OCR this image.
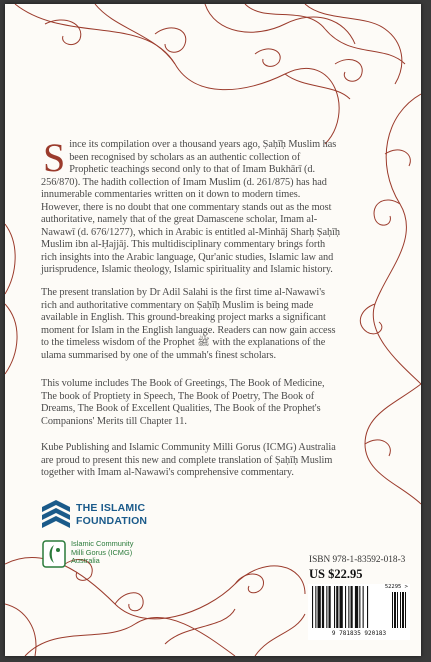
S ince its compilation over a thousand years ago, Ṣaḥīḥ Muslim has been recognised by scholars as an authentic collection of Prophetic teachings second only to that of Imam Bukhārī (d. 256/870). The hadith collection of Imam Muslim (d. 261/875) has had innumerable commentaries written on it down to modern times. However, there is no doubt that one commentary stands out as the most authoritative, namely that of the great Damascene scholar, Imam al-Nawawī (d. 676/1277), which in Arabic is entitled al-Minhāj Sharḥ Ṣaḥīḥ Muslim ibn al-Ḥajjāj. This multidisciplinary commentary brings forth rich insights into the Arabic language, Qur'anic studies, Islamic law and jurisprudence, Islamic theology, Islamic spirituality and Islamic history.

The present translation by Dr Adil Salahi is the first time al-Nawawi's rich and authoritative commentary on Ṣaḥīḥ Muslim is being made available in English. This ground-breaking project marks a significant moment for Islam in the English language. Readers can now gain access to the timeless wisdom of the Prophet ﷺ with the explanations of the ulama summarised by one of the ummah's finest scholars.

This volume includes The Book of Greetings, The Book of Medicine, The book of Proptiety in Speech, The Book of Poetry, The Book of Dreams, The Book of Excellent Qualities, The Book of the Prophet's Companions' Merits till Chapter 11.

Kube Publishing and Islamic Community Milli Gorus (ICMG) Australia are proud to present this new and complete translation of Ṣaḥīḥ Muslim together with Imam al-Nawawi's comprehensive commentary.

THE ISLAMIC
FOUNDATION
Islamic Community
Milli Gorus (ICMG)
Australia	ISBN 978-1-83592-018-3
US $22.95
52295 >
9 781835 920183
